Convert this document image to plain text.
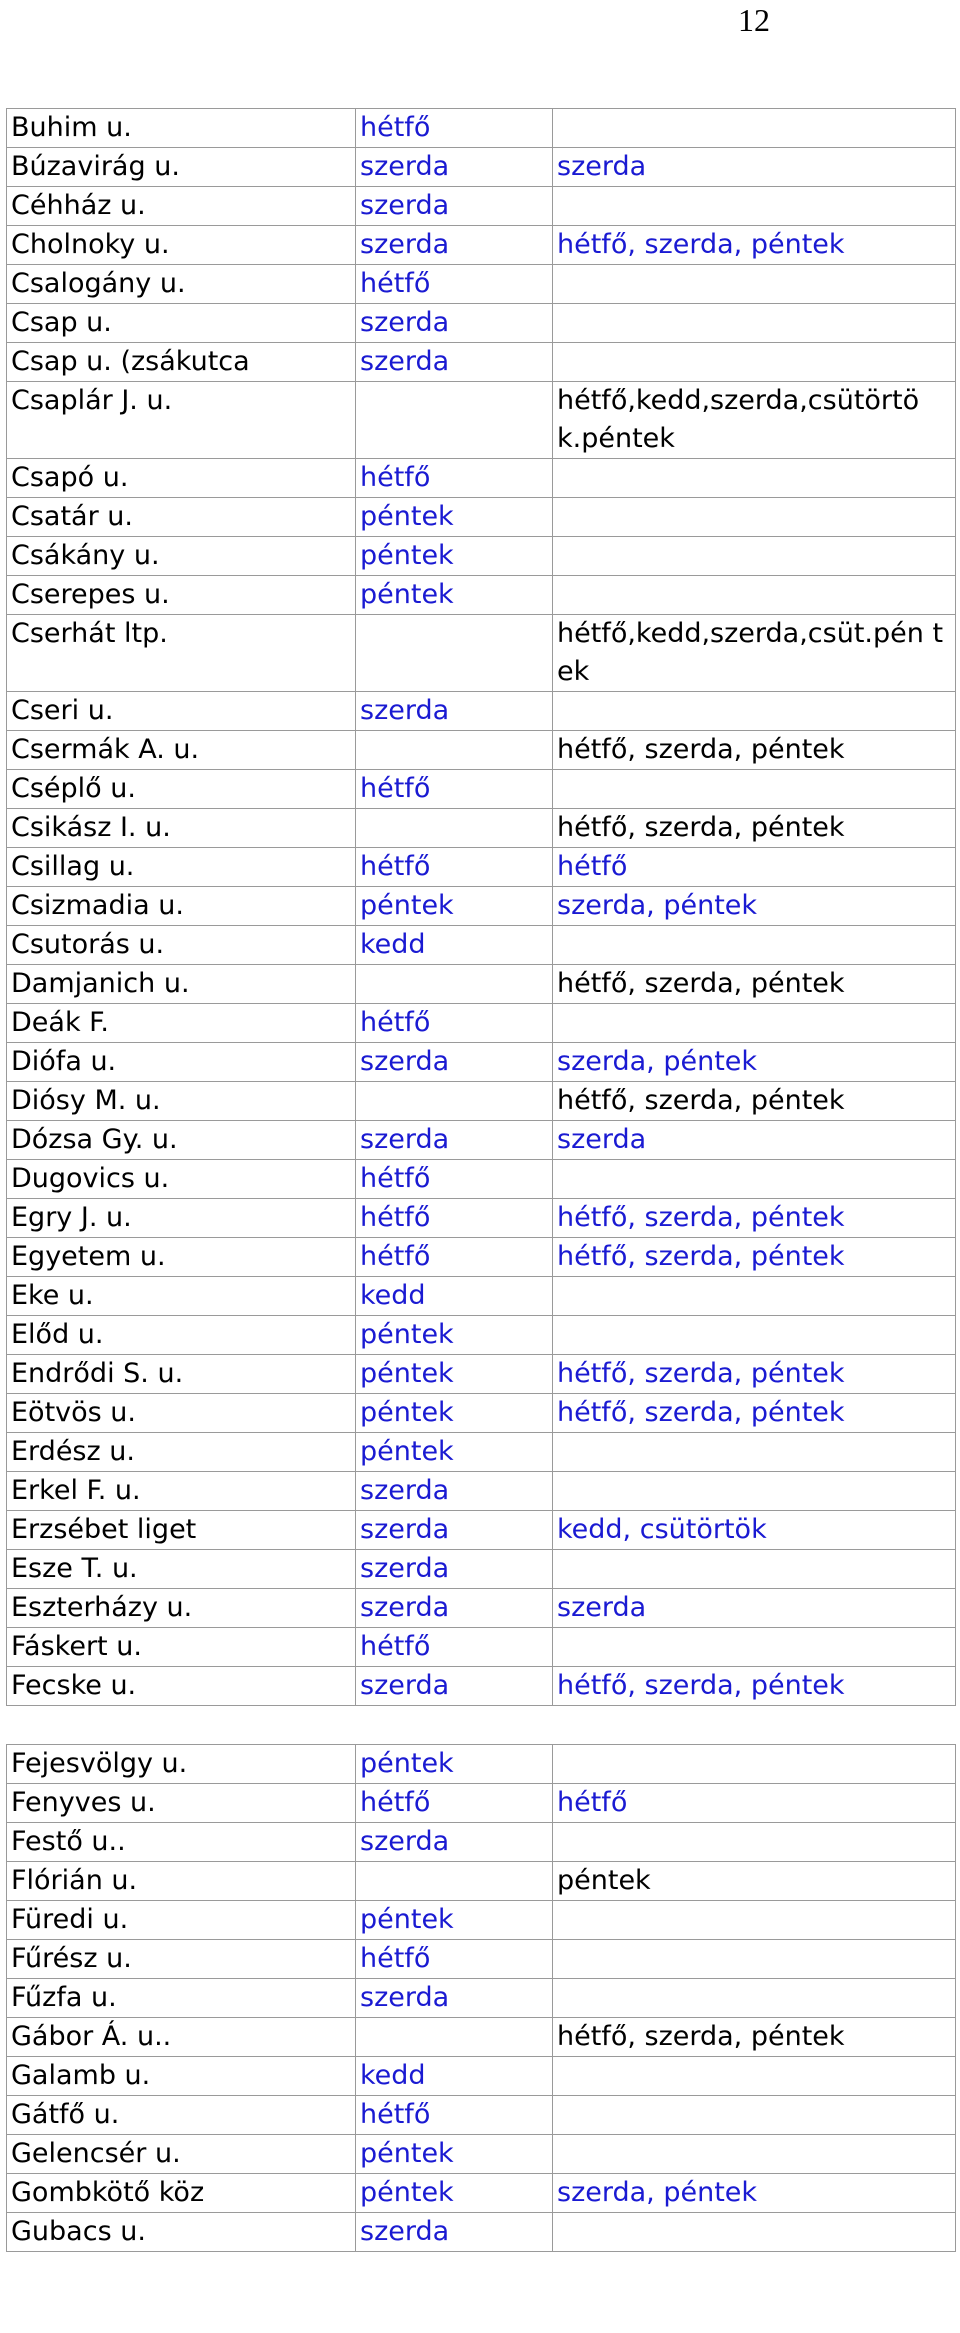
12
Buhim u.	hétfő	
Búzavirág u.	szerda	szerda
Céhház u.	szerda	
Cholnoky u.	szerda	hétfő, szerda, péntek
Csalogány u.	hétfő	
Csap u.	szerda	
Csap u. (zsákutca	szerda	
Csaplár J. u.		hétfő,kedd,szerda,csütörtö k.péntek
Csapó u.	hétfő	
Csatár u.	péntek	
Csákány u.	péntek	
Cserepes u.	péntek	
Cserhát ltp.		hétfő,kedd,szerda,csüt.pén tek
Cseri u.	szerda	
Csermák A. u.		hétfő, szerda, péntek
Cséplő u.	hétfő	
Csikász I. u.		hétfő, szerda, péntek
Csillag u.	hétfő	hétfő
Csizmadia u.	péntek	szerda, péntek
Csutorás u.	kedd	
Damjanich u.		hétfő, szerda, péntek
Deák F.	hétfő	
Diófa u.	szerda	szerda, péntek
Diósy M. u.		hétfő, szerda, péntek
Dózsa Gy. u.	szerda	szerda
Dugovics u.	hétfő	
Egry J. u.	hétfő	hétfő, szerda, péntek
Egyetem u.	hétfő	hétfő, szerda, péntek
Eke u.	kedd	
Előd u.	péntek	
Endrődi S. u.	péntek	hétfő, szerda, péntek
Eötvös u.	péntek	hétfő, szerda, péntek
Erdész u.	péntek	
Erkel F. u.	szerda	
Erzsébet liget	szerda	kedd, csütörtök
Esze T. u.	szerda	
Eszterházy u.	szerda	szerda
Fáskert u.	hétfő	
Fecske u.	szerda	hétfő, szerda, péntek

Fejesvölgy u.	péntek	
Fenyves u.	hétfő	hétfő
Festő u..	szerda	
Flórián u.		péntek
Füredi u.	péntek	
Fűrész u.	hétfő	
Fűzfa u.	szerda	
Gábor Á. u..		hétfő, szerda, péntek
Galamb u.	kedd	
Gátfő u.	hétfő	
Gelencsér u.	péntek	
Gombkötő köz	péntek	szerda, péntek
Gubacs u.	szerda	
